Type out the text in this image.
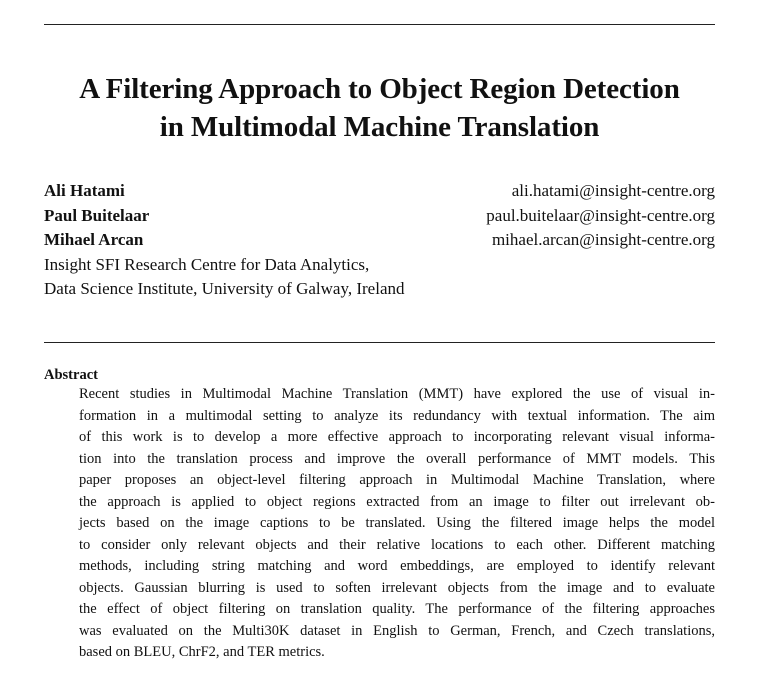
A Filtering Approach to Object Region Detection
in Multimodal Machine Translation
Ali Hatami	ali.hatami@insight-centre.org
Paul Buitelaar	paul.buitelaar@insight-centre.org
Mihael Arcan	mihael.arcan@insight-centre.org
Insight SFI Research Centre for Data Analytics,
Data Science Institute, University of Galway, Ireland
Abstract
Recent studies in Multimodal Machine Translation (MMT) have explored the use of visual in-
formation in a multimodal setting to analyze its redundancy with textual information. The aim
of this work is to develop a more effective approach to incorporating relevant visual informa-
tion into the translation process and improve the overall performance of MMT models. This
paper proposes an object-level filtering approach in Multimodal Machine Translation, where
the approach is applied to object regions extracted from an image to filter out irrelevant ob-
jects based on the image captions to be translated. Using the filtered image helps the model
to consider only relevant objects and their relative locations to each other. Different matching
methods, including string matching and word embeddings, are employed to identify relevant
objects. Gaussian blurring is used to soften irrelevant objects from the image and to evaluate
the effect of object filtering on translation quality. The performance of the filtering approaches
was evaluated on the Multi30K dataset in English to German, French, and Czech translations,
based on BLEU, ChrF2, and TER metrics.
